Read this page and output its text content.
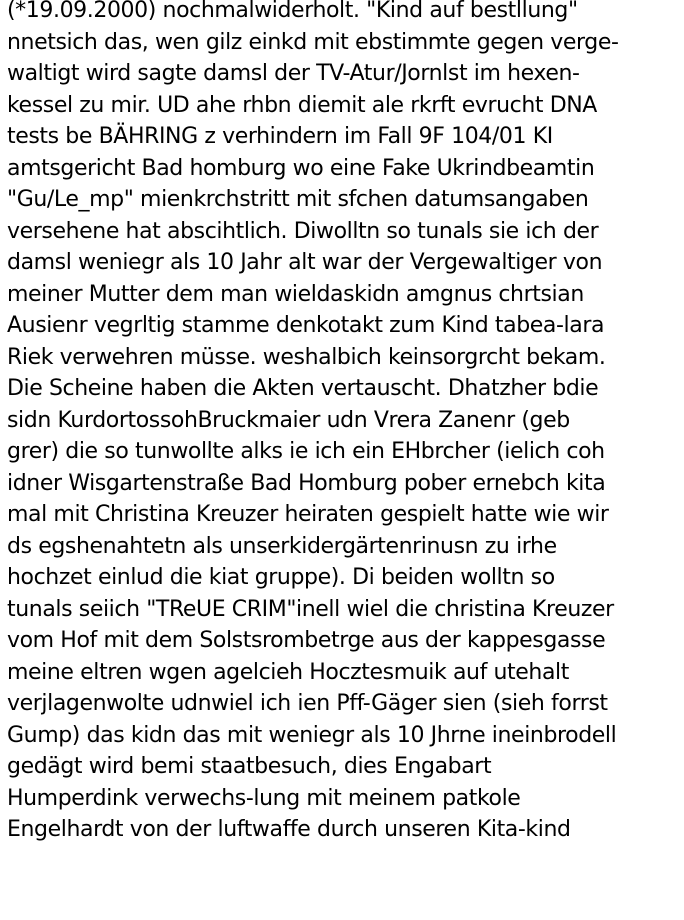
(*19.09.2000) nochmalwiderholt. "Kind auf bestllung"

nnetsich das, wen gilz einkd mit ebstimmte gegen verge-

waltigt wird sagte damsl der TV-Atur/Jornlst im hexen-

kessel zu mir. UD ahe rhbn diemit ale rkrft evrucht DNA

tests be BÄHRING z verhindern im Fall 9F 104/01 KI

amtsgericht Bad homburg wo eine Fake Ukrindbeamtin

"Gu/Le_mp" mienkrchstritt mit sfchen datumsangaben

versehene hat abscihtlich. Diwolltn so tunals sie ich der

damsl weniegr als 10 Jahr alt war der Vergewaltiger von

meiner Mutter dem man wieldaskidn amgnus chrtsian

Ausienr vegrltig stamme denkotakt zum Kind tabea-lara

Riek verwehren müsse. weshalbich keinsorgrcht bekam.

Die Scheine haben die Akten vertauscht. Dhatzher bdie

sidn KurdortossohBruckmaier udn Vrera Zanenr (geb

grer) die so tunwollte alks ie ich ein EHbrcher (ielich coh

idner Wisgartenstraße Bad Homburg pober ernebch kita

mal mit Christina Kreuzer heiraten gespielt hatte wie wir

ds egshenahtetn als unserkidergärtenrinusn zu irhe

hochzet einlud die kiat gruppe). Di beiden wolltn so

tunals seiich "TReUE CRIM"inell wiel die christina Kreuzer

vom Hof mit dem Solstsrombetrge aus der kappesgasse

meine eltren wgen agelcieh Hocztesmuik auf utehalt

verjlagenwolte udnwiel ich ien Pff-Gäger sien (sieh forrst

Gump) das kidn das mit weniegr als 10 Jhrne ineinbrodell

gedägt wird bemi staatbesuch, dies Engabart

Humperdink verwechs-lung mit meinem patkole

Engelhardt von der luftwaffe durch unseren Kita-kind
